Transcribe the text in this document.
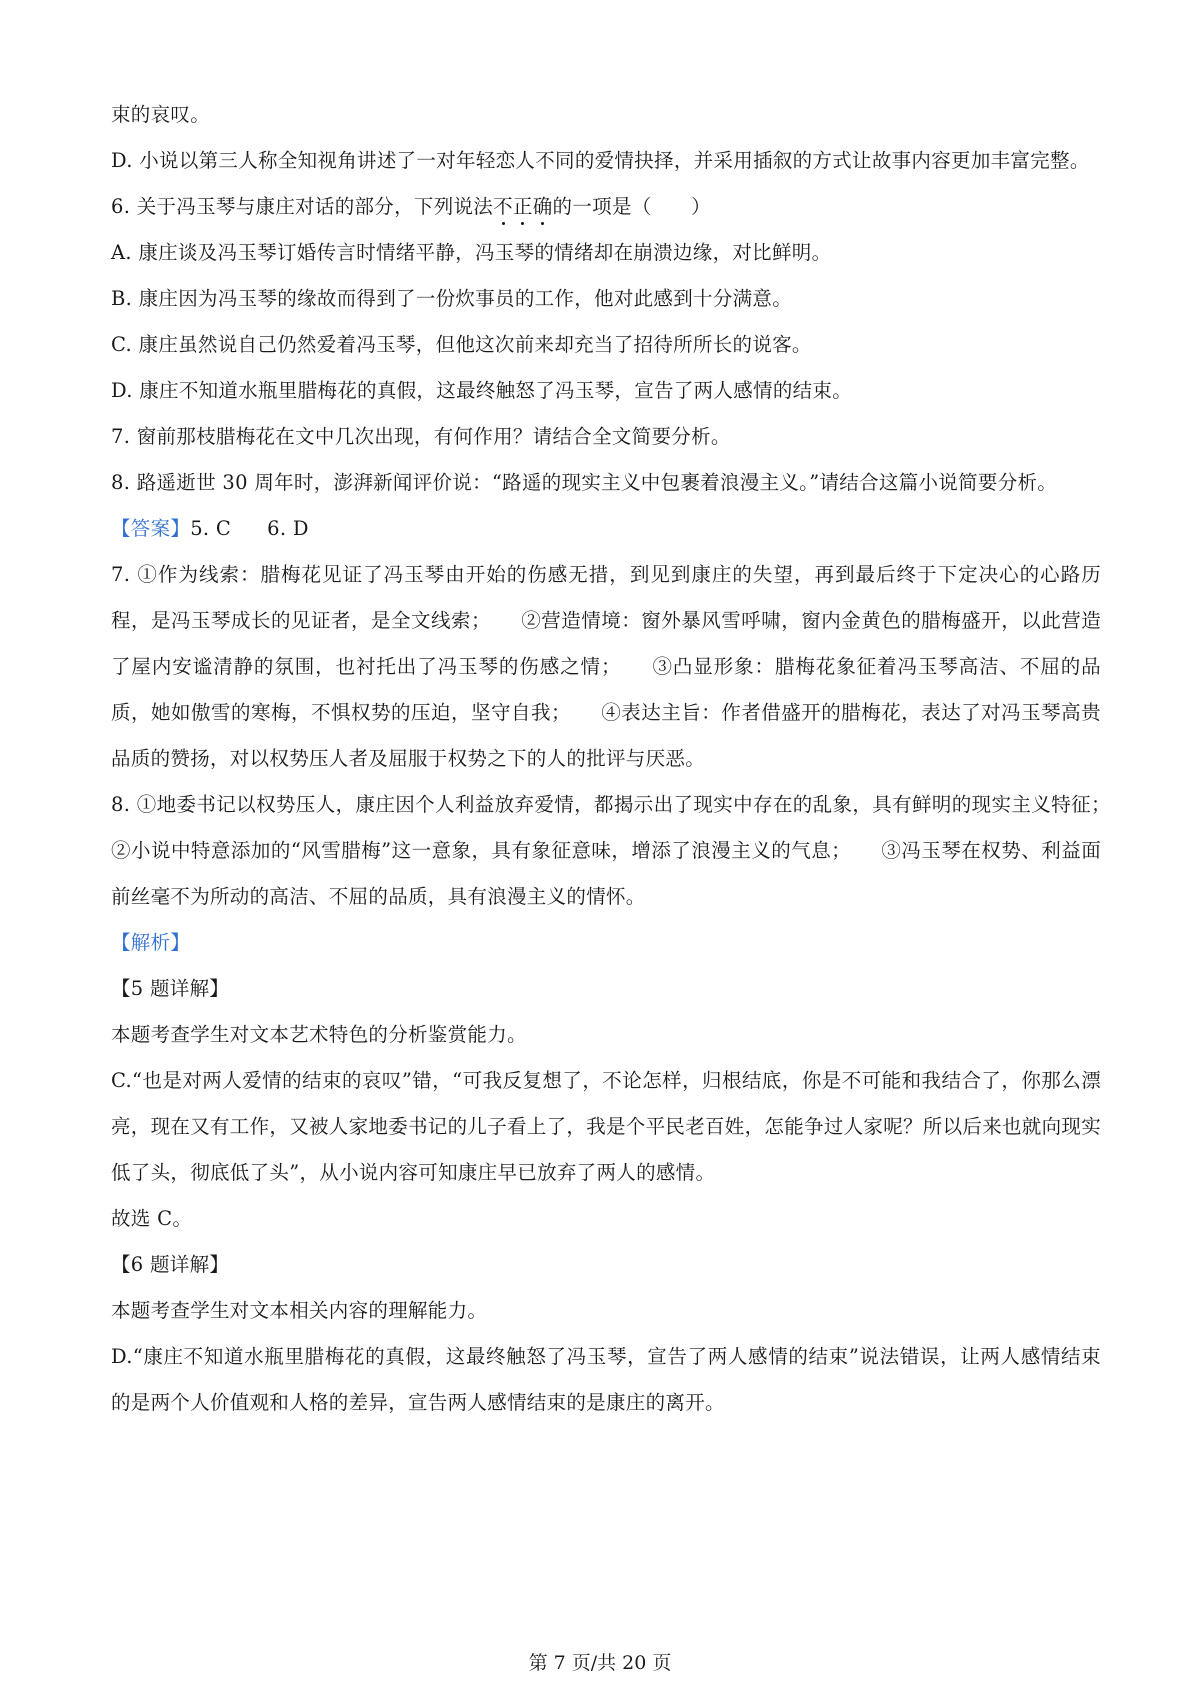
束的哀叹。

D. 小说以第三人称全知视角讲述了一对年轻恋人不同的爱情抉择，并采用插叙的方式让故事内容更加丰富完整。

6. 关于冯玉琴与康庄对话的部分，下列说法不正确的一项是（　　）

A. 康庄谈及冯玉琴订婚传言时情绪平静，冯玉琴的情绪却在崩溃边缘，对比鲜明。

B. 康庄因为冯玉琴的缘故而得到了一份炊事员的工作，他对此感到十分满意。

C. 康庄虽然说自己仍然爱着冯玉琴，但他这次前来却充当了招待所所长的说客。

D. 康庄不知道水瓶里腊梅花的真假，这最终触怒了冯玉琴，宣告了两人感情的结束。

7. 窗前那枝腊梅花在文中几次出现，有何作用？请结合全文简要分析。

8. 路遥逝世 30 周年时，澎湃新闻评价说：“路遥的现实主义中包裹着浪漫主义。”请结合这篇小说简要分析。

【答案】5. C 6. D

7. ①作为线索：腊梅花见证了冯玉琴由开始的伤感无措，到见到康庄的失望，再到最后终于下定决心的心路历程，是冯玉琴成长的见证者，是全文线索；　　 ②营造情境：窗外暴风雪呼啸，窗内金黄色的腊梅盛开，以此营造了屋内安谧清静的氛围，也衬托出了冯玉琴的伤感之情；　　 ③凸显形象：腊梅花象征着冯玉琴高洁、不屈的品质，她如傲雪的寒梅，不惧权势的压迫，坚守自我；　　 ④表达主旨：作者借盛开的腊梅花，表达了对冯玉琴高贵品质的赞扬，对以权势压人者及屈服于权势之下的人的批评与厌恶。

8. ①地委书记以权势压人，康庄因个人利益放弃爱情，都揭示出了现实中存在的乱象，具有鲜明的现实主义特征；　　②小说中特意添加的“风雪腊梅”这一意象，具有象征意味，增添了浪漫主义的气息；　　 ③冯玉琴在权势、利益面前丝毫不为所动的高洁、不屈的品质，具有浪漫主义的情怀。

【解析】

【5 题详解】

本题考查学生对文本艺术特色的分析鉴赏能力。

C.“也是对两人爱情的结束的哀叹”错，“可我反复想了，不论怎样，归根结底，你是不可能和我结合了，你那么漂亮，现在又有工作，又被人家地委书记的儿子看上了，我是个平民老百姓，怎能争过人家呢？所以后来也就向现实低了头，彻底低了头”，从小说内容可知康庄早已放弃了两人的感情。

故选 C。

【6 题详解】

本题考查学生对文本相关内容的理解能力。

D.“康庄不知道水瓶里腊梅花的真假，这最终触怒了冯玉琴，宣告了两人感情的结束”说法错误，让两人感情结束的是两个人价值观和人格的差异，宣告两人感情结束的是康庄的离开。

第 7 页/共 20 页
